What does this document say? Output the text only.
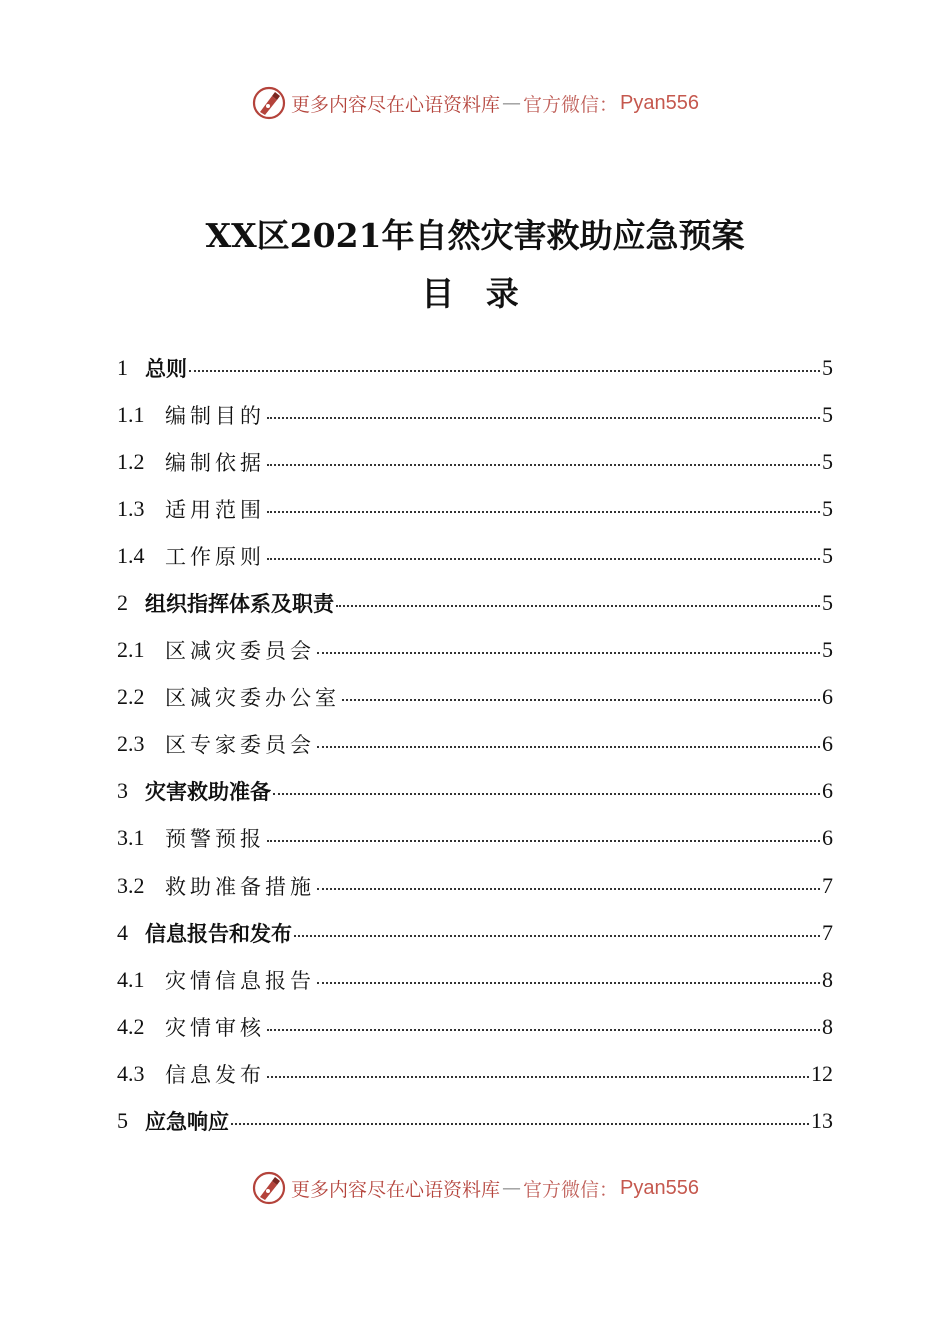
更多内容尽在心语资料库 — 官方微信： Pyan556
XX区2021年自然灾害救助应急预案
目 录
1 总则	5
1.1 编制目的	5
1.2 编制依据	5
1.3 适用范围	5
1.4 工作原则	5
2 组织指挥体系及职责	5
2.1 区减灾委员会	5
2.2 区减灾委办公室	6
2.3 区专家委员会	6
3 灾害救助准备	6
3.1 预警预报	6
3.2 救助准备措施	7
4 信息报告和发布	7
4.1 灾情信息报告	8
4.2 灾情审核	8
4.3 信息发布	12
5 应急响应	13
更多内容尽在心语资料库 — 官方微信： Pyan556
